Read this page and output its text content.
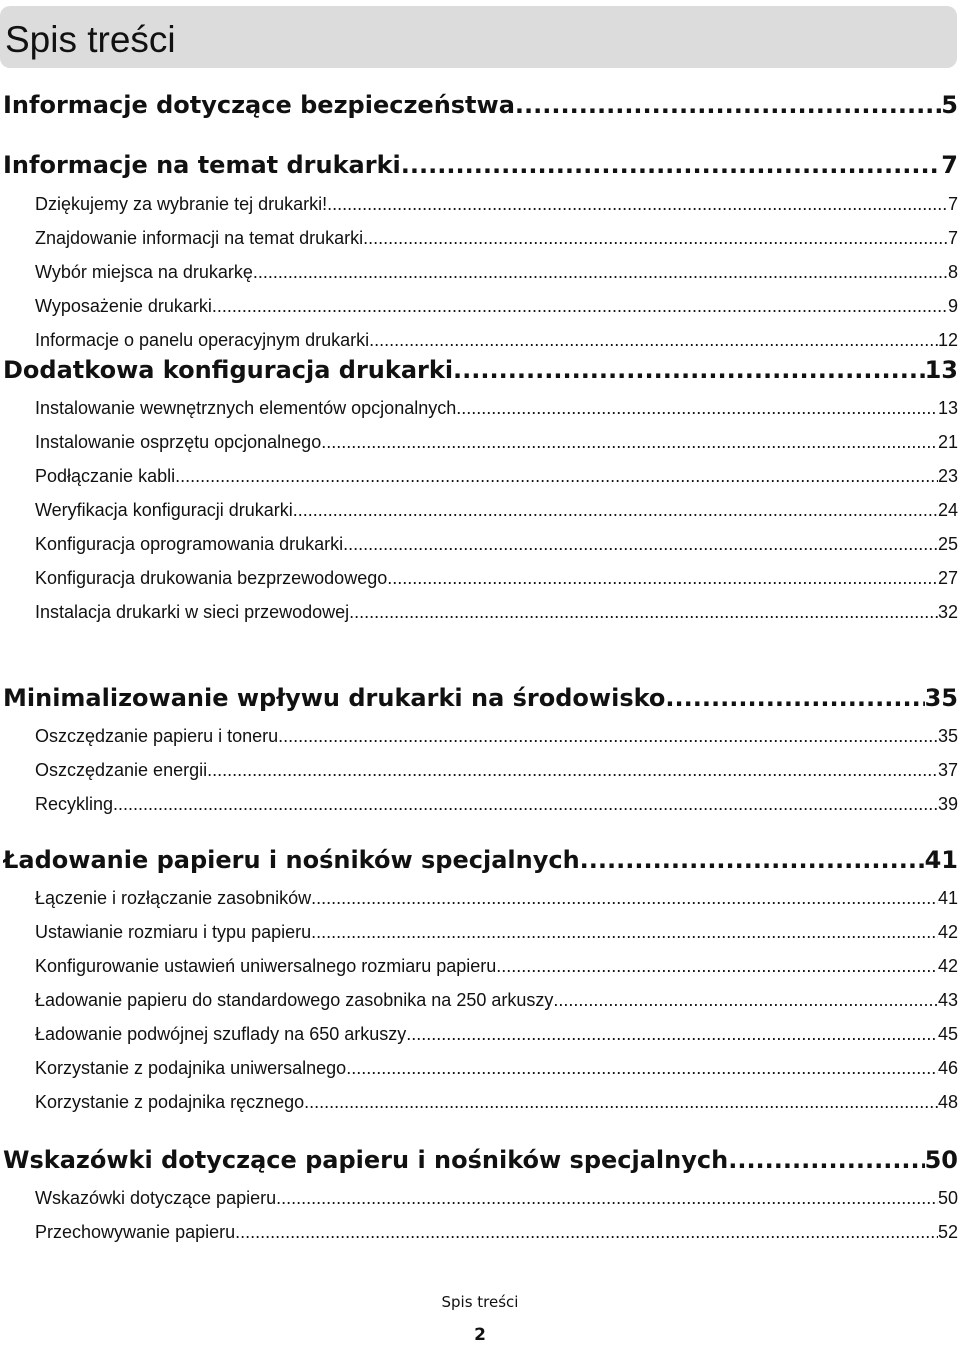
Spis treści
Informacje dotyczące bezpieczeństwa .....	5
Informacje na temat drukarki .....	7
Dziękujemy za wybranie tej drukarki! .....	7
Znajdowanie informacji na temat drukarki .....	7
Wybór miejsca na drukarkę .....	8
Wyposażenie drukarki .....	9
Informacje o panelu operacyjnym drukarki .....	12
Dodatkowa konfiguracja drukarki .....	13
Instalowanie wewnętrznych elementów opcjonalnych .....	13
Instalowanie osprzętu opcjonalnego .....	21
Podłączanie kabli .....	23
Weryfikacja konfiguracji drukarki .....	24
Konfiguracja oprogramowania drukarki .....	25
Konfiguracja drukowania bezprzewodowego .....	27
Instalacja drukarki w sieci przewodowej .....	32
Minimalizowanie wpływu drukarki na środowisko .....	35
Oszczędzanie papieru i toneru .....	35
Oszczędzanie energii .....	37
Recykling .....	39
Ładowanie papieru i nośników specjalnych .....	41
Łączenie i rozłączanie zasobników .....	41
Ustawianie rozmiaru i typu papieru .....	42
Konfigurowanie ustawień uniwersalnego rozmiaru papieru .....	42
Ładowanie papieru do standardowego zasobnika na 250 arkuszy .....	43
Ładowanie podwójnej szuflady na 650 arkuszy .....	45
Korzystanie z podajnika uniwersalnego .....	46
Korzystanie z podajnika ręcznego .....	48
Wskazówki dotyczące papieru i nośników specjalnych .....	50
Wskazówki dotyczące papieru .....	50
Przechowywanie papieru .....	52
Spis treści
2
